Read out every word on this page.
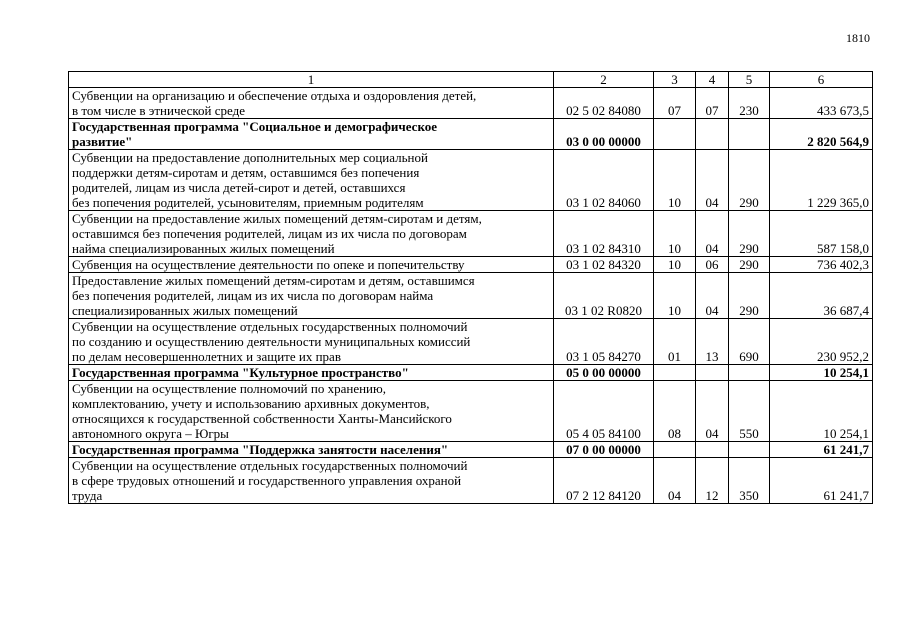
1810
1	2	3	4	5	6
Субвенции на организацию и обеспечение отдыха и оздоровления детей,
в том числе в этнической среде	02 5 02 84080	07	07	230	433 673,5
Государственная программа "Социальное и демографическое
развитие"	03 0 00 00000				2 820 564,9
Субвенции на предоставление дополнительных мер социальной
поддержки детям-сиротам и детям, оставшимся без попечения
родителей, лицам из числа детей-сирот и детей, оставшихся
без попечения родителей, усыновителям, приемным родителям	03 1 02 84060	10	04	290	1 229 365,0
Субвенции на предоставление жилых помещений детям-сиротам и детям,
оставшимся без попечения родителей, лицам из их числа по договорам
найма специализированных жилых помещений	03 1 02 84310	10	04	290	587 158,0
Субвенция на осуществление деятельности по опеке и попечительству	03 1 02 84320	10	06	290	736 402,3
Предоставление жилых помещений детям-сиротам и детям, оставшимся
без попечения родителей, лицам из их числа по договорам найма
специализированных жилых помещений	03 1 02 R0820	10	04	290	36 687,4
Субвенции на осуществление отдельных государственных полномочий
по созданию и осуществлению деятельности муниципальных комиссий
по делам несовершеннолетних и защите их прав	03 1 05 84270	01	13	690	230 952,2
Государственная программа "Культурное пространство"	05 0 00 00000				10 254,1
Субвенции на осуществление полномочий по хранению,
комплектованию, учету и использованию архивных документов,
относящихся к государственной собственности Ханты-Мансийского
автономного округа – Югры	05 4 05 84100	08	04	550	10 254,1
Государственная программа "Поддержка занятости населения"	07 0 00 00000				61 241,7
Субвенции на осуществление отдельных государственных полномочий
в сфере трудовых отношений и государственного управления охраной
труда	07 2 12 84120	04	12	350	61 241,7
